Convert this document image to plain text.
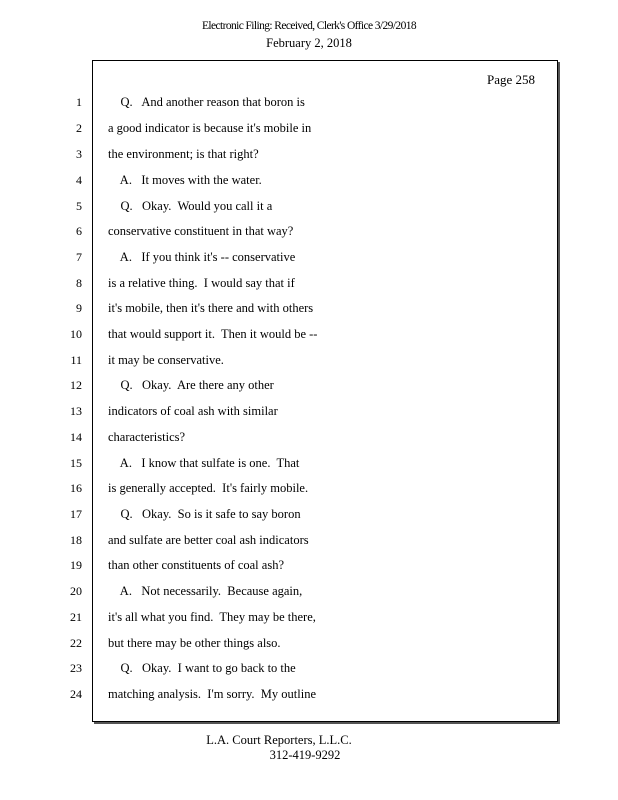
Electronic Filing: Received, Clerk's Office 3/29/2018
February 2, 2018
Page 258
1 Q.   And another reason that boron is
2 a good indicator is because it's mobile in
3 the environment; is that right?
4 A.   It moves with the water.
5 Q.   Okay.  Would you call it a
6 conservative constituent in that way?
7 A.   If you think it's -- conservative
8 is a relative thing.  I would say that if
9 it's mobile, then it's there and with others
10 that would support it.  Then it would be --
11 it may be conservative.
12 Q.   Okay.  Are there any other
13 indicators of coal ash with similar
14 characteristics?
15 A.   I know that sulfate is one.  That
16 is generally accepted.  It's fairly mobile.
17 Q.   Okay.  So is it safe to say boron
18 and sulfate are better coal ash indicators
19 than other constituents of coal ash?
20 A.   Not necessarily.  Because again,
21 it's all what you find.  They may be there,
22 but there may be other things also.
23 Q.   Okay.  I want to go back to the
24 matching analysis.  I'm sorry.  My outline
L.A. Court Reporters, L.L.C.
312-419-9292
